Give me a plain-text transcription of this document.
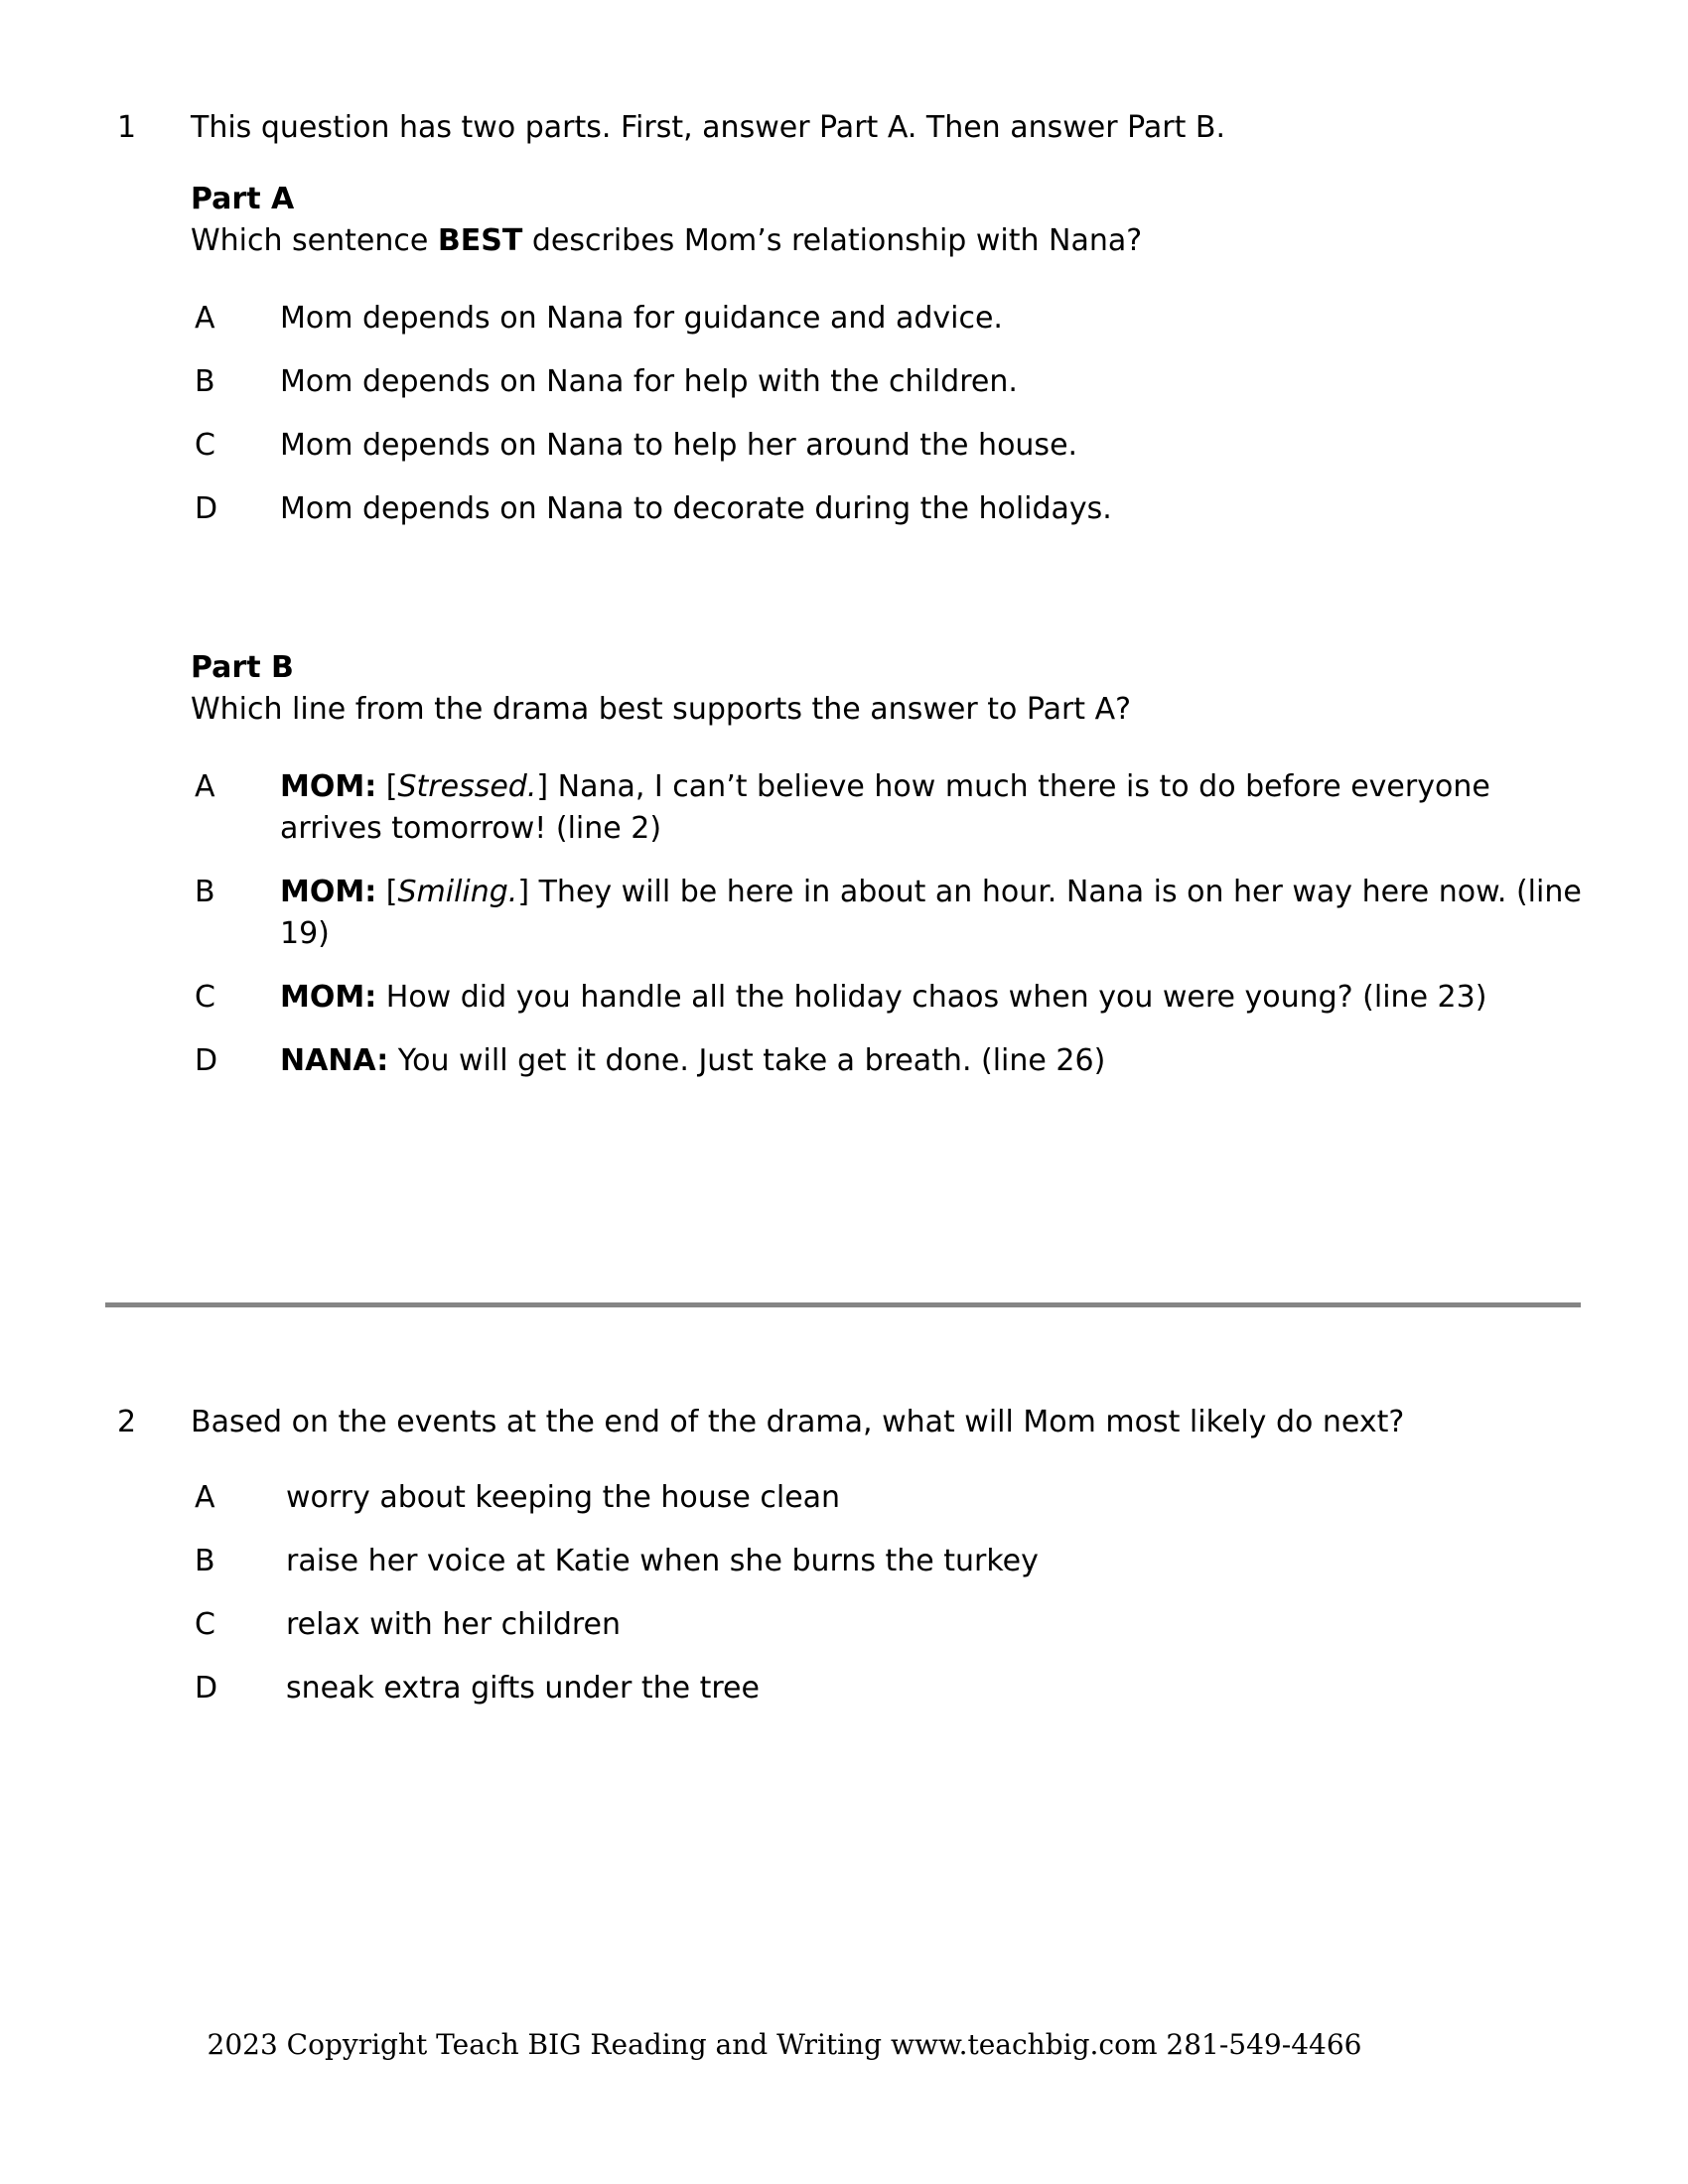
1	This question has two parts. First, answer Part A. Then answer Part B.
Part A
Which sentence BEST describes Mom’s relationship with Nana?
A	Mom depends on Nana for guidance and advice.
B	Mom depends on Nana for help with the children.
C	Mom depends on Nana to help her around the house.
D	Mom depends on Nana to decorate during the holidays.
Part B
Which line from the drama best supports the answer to Part A?
A	MOM: [Stressed.] Nana, I can’t believe how much there is to do before everyone arrives tomorrow! (line 2)
B	MOM: [Smiling.] They will be here in about an hour. Nana is on her way here now. (line 19)
C	MOM: How did you handle all the holiday chaos when you were young? (line 23)
D	NANA: You will get it done. Just take a breath. (line 26)
2	Based on the events at the end of the drama, what will Mom most likely do next?
A	worry about keeping the house clean
B	raise her voice at Katie when she burns the turkey
C	relax with her children
D	sneak extra gifts under the tree
2023 Copyright Teach BIG Reading and Writing www.teachbig.com 281-549-4466
